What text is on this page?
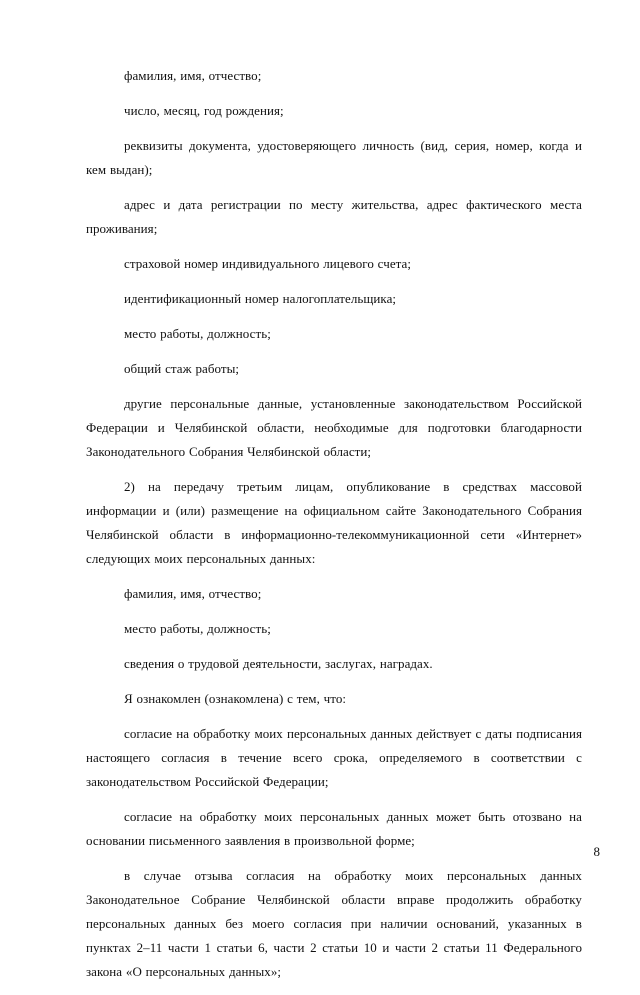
фамилия, имя, отчество;

число, месяц, год рождения;

реквизиты документа, удостоверяющего личность (вид, серия, номер, когда и кем выдан);

адрес и дата регистрации по месту жительства, адрес фактического места проживания;

страховой номер индивидуального лицевого счета;

идентификационный номер налогоплательщика;

место работы, должность;

общий стаж работы;

другие персональные данные, установленные законодательством Российской Федерации и Челябинской области, необходимые для подготовки благодарности Законодательного Собрания Челябинской области;

2) на передачу третьим лицам, опубликование в средствах массовой информации и (или) размещение на официальном сайте Законодательного Собрания Челябинской области в информационно-телекоммуникационной сети «Интернет» следующих моих персональных данных:

фамилия, имя, отчество;

место работы, должность;

сведения о трудовой деятельности, заслугах, наградах.

Я ознакомлен (ознакомлена) с тем, что:

согласие на обработку моих персональных данных действует с даты подписания настоящего согласия в течение всего срока, определяемого в соответствии с законодательством Российской Федерации;

согласие на обработку моих персональных данных может быть отозвано на основании письменного заявления в произвольной форме;

в случае отзыва согласия на обработку моих персональных данных Законодательное Собрание Челябинской области вправе продолжить обработку персональных данных без моего согласия при наличии оснований, указанных в пунктах 2–11 части 1 статьи 6, части 2 статьи 10 и части 2 статьи 11 Федерального закона «О персональных данных»;

8
